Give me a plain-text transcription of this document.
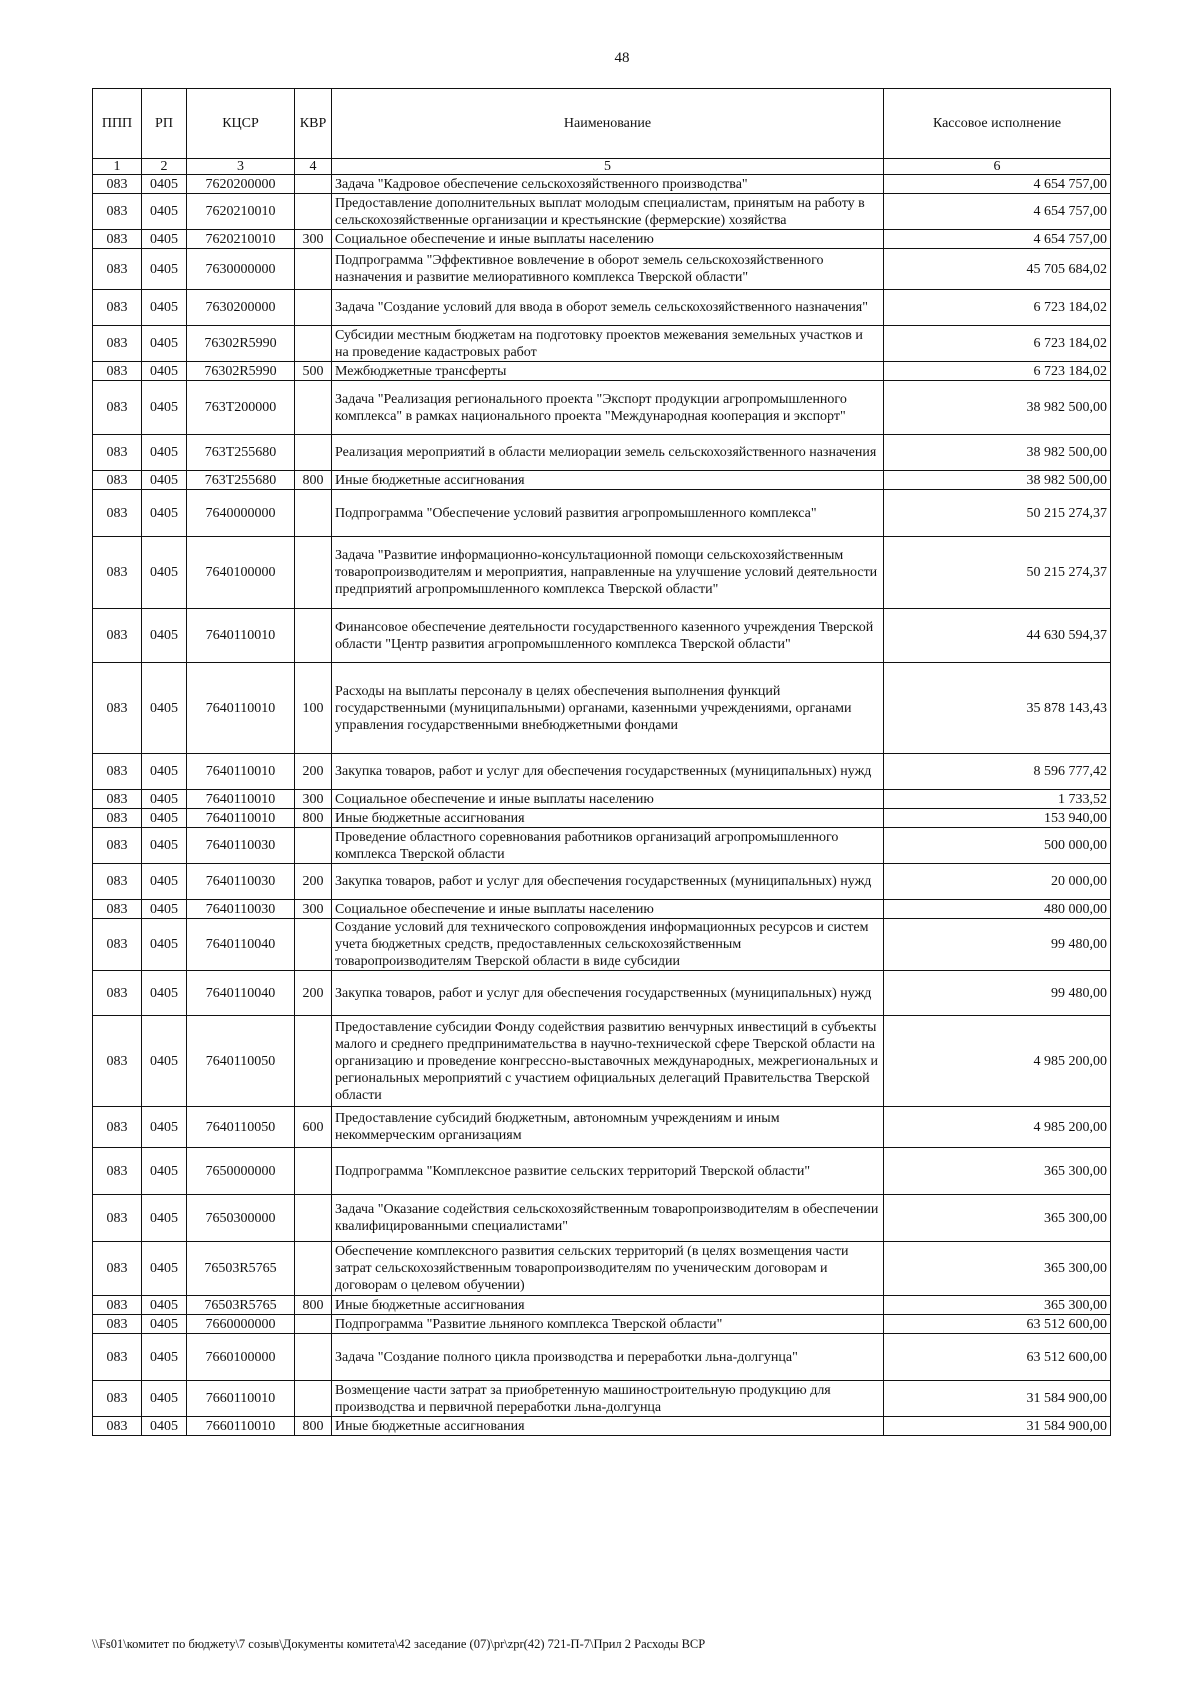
48
ППП	РП	КЦСР	КВР	Наименование	Кассовое исполнение
1	2	3	4	5	6
083	0405	7620200000		Задача "Кадровое обеспечение сельскохозяйственного производства"	4 654 757,00
083	0405	7620210010		Предоставление дополнительных выплат молодым специалистам, принятым на работу в сельскохозяйственные организации и крестьянские (фермерские) хозяйства	4 654 757,00
083	0405	7620210010	300	Социальное обеспечение и иные выплаты населению	4 654 757,00
083	0405	7630000000		Подпрограмма "Эффективное вовлечение в оборот земель сельскохозяйственного назначения и развитие мелиоративного комплекса Тверской области"	45 705 684,02
083	0405	7630200000		Задача "Создание условий для ввода в оборот земель сельскохозяйственного назначения"	6 723 184,02
083	0405	76302R5990		Субсидии местным бюджетам на подготовку проектов межевания земельных участков и на проведение кадастровых работ	6 723 184,02
083	0405	76302R5990	500	Межбюджетные трансферты	6 723 184,02
083	0405	763T200000		Задача "Реализация регионального проекта "Экспорт продукции агропромышленного комплекса" в рамках национального проекта "Международная кооперация и экспорт"	38 982 500,00
083	0405	763T255680		Реализация мероприятий в области мелиорации земель сельскохозяйственного назначения	38 982 500,00
083	0405	763T255680	800	Иные бюджетные ассигнования	38 982 500,00
083	0405	7640000000		Подпрограмма "Обеспечение условий развития агропромышленного комплекса"	50 215 274,37
083	0405	7640100000		Задача "Развитие информационно-консультационной помощи сельскохозяйственным товаропроизводителям и мероприятия, направленные на улучшение условий деятельности предприятий агропромышленного комплекса Тверской области"	50 215 274,37
083	0405	7640110010		Финансовое обеспечение деятельности государственного казенного учреждения Тверской области "Центр развития агропромышленного комплекса Тверской области"	44 630 594,37
083	0405	7640110010	100	Расходы на выплаты персоналу в целях обеспечения выполнения функций государственными (муниципальными) органами, казенными учреждениями, органами управления государственными внебюджетными фондами	35 878 143,43
083	0405	7640110010	200	Закупка товаров, работ и услуг для обеспечения государственных (муниципальных) нужд	8 596 777,42
083	0405	7640110010	300	Социальное обеспечение и иные выплаты населению	1 733,52
083	0405	7640110010	800	Иные бюджетные ассигнования	153 940,00
083	0405	7640110030		Проведение областного соревнования работников организаций агропромышленного комплекса Тверской области	500 000,00
083	0405	7640110030	200	Закупка товаров, работ и услуг для обеспечения государственных (муниципальных) нужд	20 000,00
083	0405	7640110030	300	Социальное обеспечение и иные выплаты населению	480 000,00
083	0405	7640110040		Создание условий для технического сопровождения информационных ресурсов и систем учета бюджетных средств, предоставленных сельскохозяйственным товаропроизводителям Тверской области в виде субсидии	99 480,00
083	0405	7640110040	200	Закупка товаров, работ и услуг для обеспечения государственных (муниципальных) нужд	99 480,00
083	0405	7640110050		Предоставление субсидии Фонду содействия развитию венчурных инвестиций в субъекты малого и среднего предпринимательства в научно-технической сфере Тверской области на организацию и проведение конгрессно-выставочных международных, межрегиональных и региональных мероприятий с участием официальных делегаций Правительства Тверской области	4 985 200,00
083	0405	7640110050	600	Предоставление субсидий бюджетным, автономным учреждениям и иным некоммерческим организациям	4 985 200,00
083	0405	7650000000		Подпрограмма "Комплексное развитие сельских территорий Тверской области"	365 300,00
083	0405	7650300000		Задача "Оказание содействия сельскохозяйственным товаропроизводителям в обеспечении квалифицированными специалистами"	365 300,00
083	0405	76503R5765		Обеспечение комплексного развития сельских территорий (в целях возмещения части затрат сельскохозяйственным товаропроизводителям по ученическим договорам и договорам о целевом обучении)	365 300,00
083	0405	76503R5765	800	Иные бюджетные ассигнования	365 300,00
083	0405	7660000000		Подпрограмма "Развитие льняного комплекса Тверской области"	63 512 600,00
083	0405	7660100000		Задача "Создание полного цикла производства и переработки льна-долгунца"	63 512 600,00
083	0405	7660110010		Возмещение части затрат за приобретенную машиностроительную продукцию для производства и первичной переработки льна-долгунца	31 584 900,00
083	0405	7660110010	800	Иные бюджетные ассигнования	31 584 900,00
\\Fs01\комитет по бюджету\7 созыв\Документы комитета\42 заседание (07)\pr\zpr(42) 721-П-7\Прил 2 Расходы ВСР
